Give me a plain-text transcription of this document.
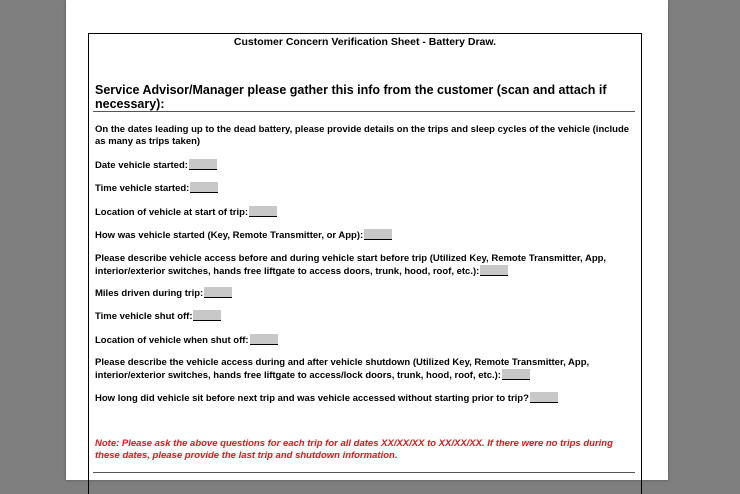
Customer Concern Verification Sheet - Battery Draw.
Service Advisor/Manager please gather this info from the customer (scan and attach if necessary):
On the dates leading up to the dead battery, please provide details on the trips and sleep cycles of the vehicle (include as many as trips taken)
Date vehicle started:
Time vehicle started:
Location of vehicle at start of trip:
How was vehicle started (Key, Remote Transmitter, or App):
Please describe vehicle access before and during vehicle start before trip (Utilized Key, Remote Transmitter, App, interior/exterior switches, hands free liftgate to access doors, trunk, hood, roof, etc.):
Miles driven during trip:
Time vehicle shut off:
Location of vehicle when shut off:
Please describe the vehicle access during and after vehicle shutdown (Utilized Key, Remote Transmitter, App, interior/exterior switches, hands free liftgate to access/lock doors, trunk, hood, roof, etc.):
How long did vehicle sit before next trip and was vehicle accessed without starting prior to trip?
Note: Please ask the above questions for each trip for all dates XX/XX/XX to XX/XX/XX. If there were no trips during these dates, please provide the last trip and shutdown information.
